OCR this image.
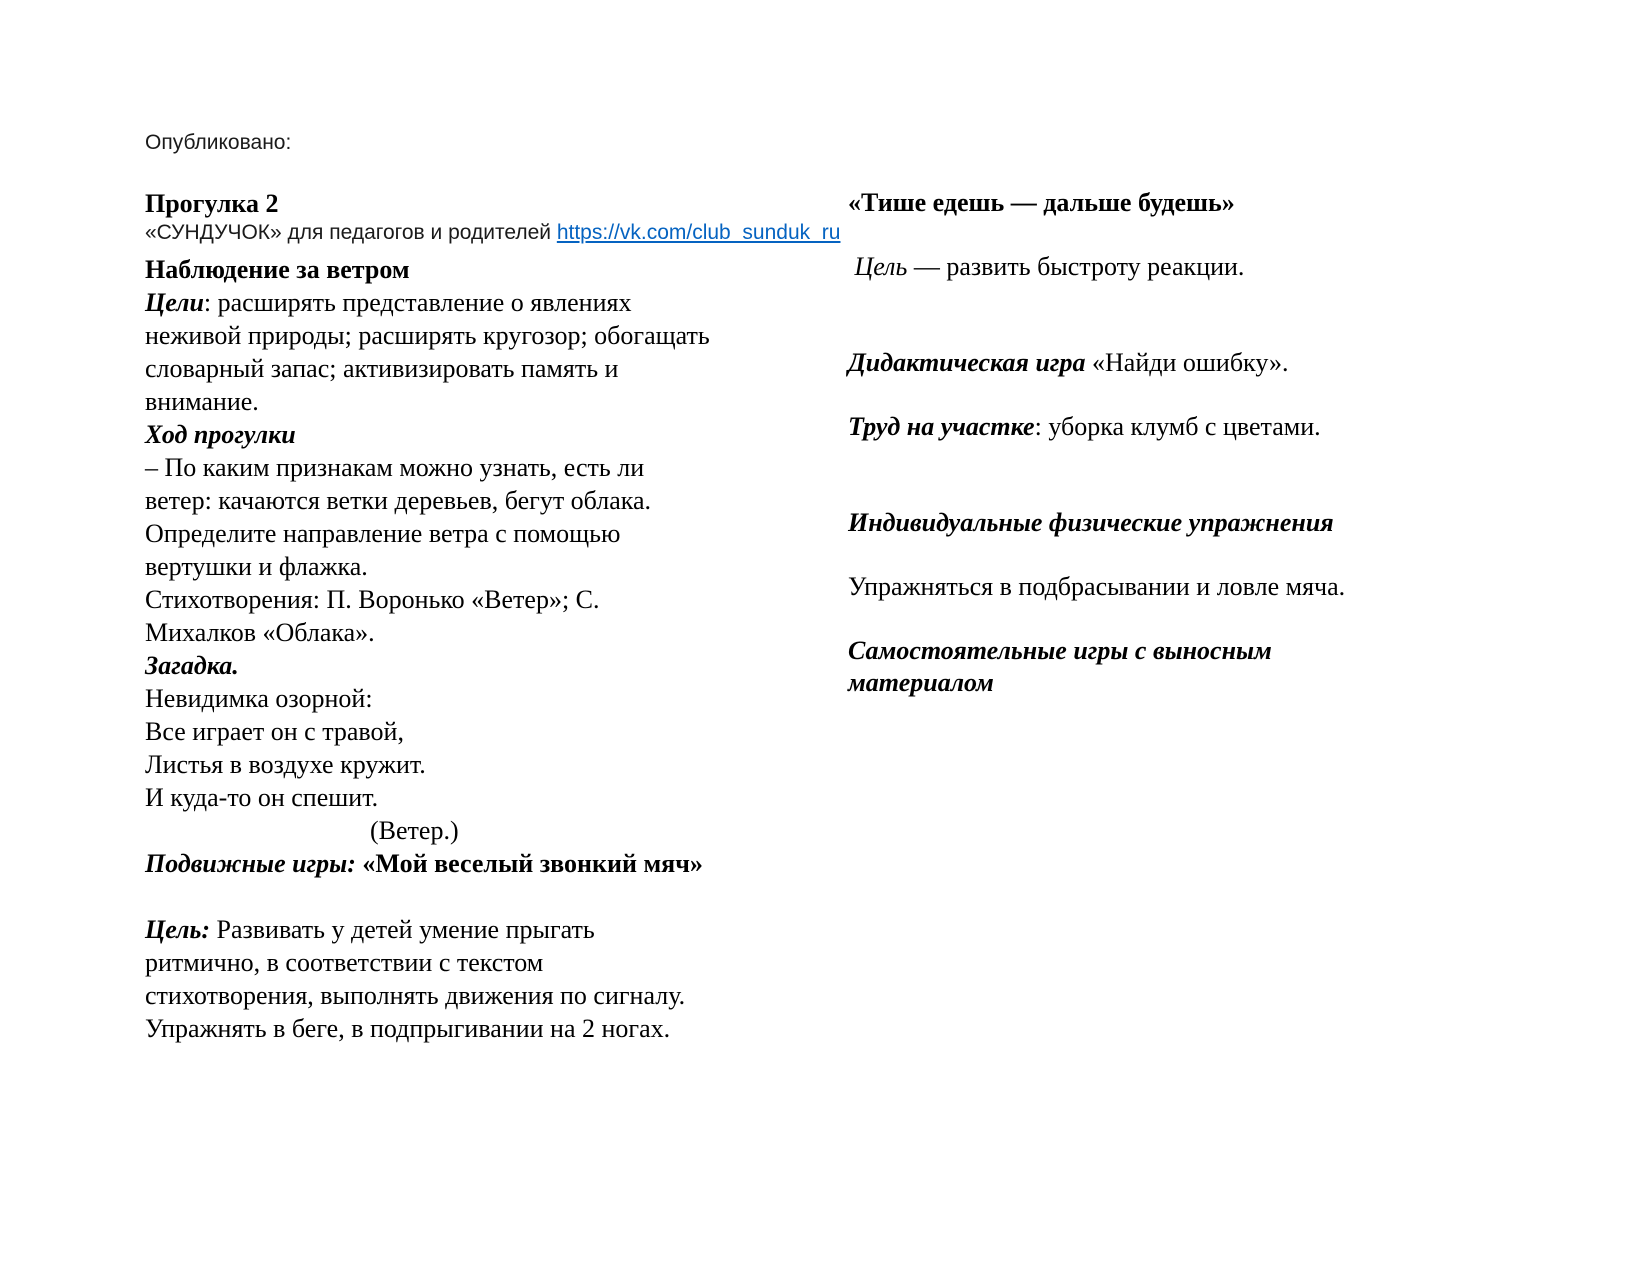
Опубликовано:

«СУНДУЧОК» для педагогов и родителей https://vk.com/club_sunduk_ru

Прогулка 2
Наблюдение за ветром
Цели: расширять представление о явлениях
неживой природы; расширять кругозор; обогащать
словарный запас; активизировать память и
внимание.
Ход прогулки
– По каким признакам можно узнать, есть ли
ветер: качаются ветки деревьев, бегут облака.
Определите направление ветра с помощью
вертушки и флажка.
Стихотворения: П. Воронько «Ветер»; С.
Михалков «Облака».
Загадка.
Невидимка озорной:
Все играет он с травой,
Листья в воздухе кружит.
И куда-то он спешит.
(Ветер.)
Подвижные игры: «Мой веселый звонкий мяч»
Цель: Развивать у детей умение прыгать
ритмично, в соответствии с текстом
стихотворения, выполнять движения по сигналу.
Упражнять в беге, в подпрыгивании на 2 ногах.
«Тише едешь — дальше будешь»
Цель — развить быстроту реакции.
Дидактическая игра «Найди ошибку».
Труд на участке: уборка клумб с цветами.
Индивидуальные физические упражнения
Упражняться в подбрасывании и ловле мяча.
Самостоятельные игры с выносным
материалом
